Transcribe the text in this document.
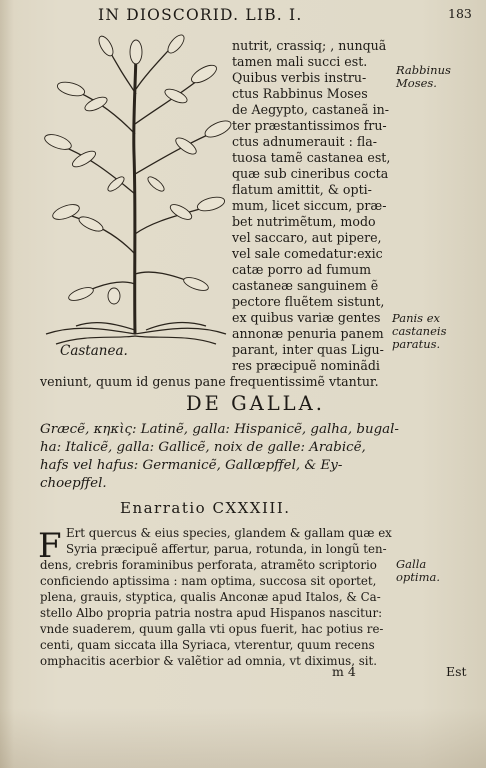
IN DIOSCORID. LIB. I.	183
Castanea.
nutrit, crassiq; , nunquã
tamen mali succi est.
Quibus verbis instru-
ctus Rabbinus Moses
de Aegypto, castaneã in-
ter præstantissimos fru-
ctus adnumerauit : fla-
tuosa tamẽ castanea est,
quæ sub cineribus cocta
flatum amittit, & opti-
mum, licet siccum, præ-
bet nutrimẽtum, modo
vel saccaro, aut pipere,
vel sale comedatur:exic
catæ porro ad fumum
castaneæ sanguinem ẽ
pectore fluẽtem sistunt,
ex quibus variæ gentes
annonæ penuria panem
parant, inter quas Ligu-
res præcipuẽ nominãdi
veniunt, quum id genus pane frequentissimẽ vtantur.
Rabbinus Moses.
Panis ex castaneis paratus.
Galla optima.
DE GALLA.
Græcẽ, κηκὶς: Latinẽ, galla: Hispanicẽ, galha, bugal-
ha: Italicẽ, galla: Gallicẽ, noix de galle: Arabicẽ,
hafs vel hafus: Germanicẽ, Gallœpffel, & Ey-
choepffel.
Enarratio CXXXIII.
F Ert quercus & eius species, glandem & gallam quæ ex
Syria præcipuẽ affertur, parua, rotunda, in longũ ten-
dens, crebris foraminibus perforata, atramẽto scriptorio
conficiendo aptissima : nam optima, succosa sit oportet,
plena, grauis, styptica, qualis Anconæ apud Italos, & Ca-
stello Albo propria patria nostra apud Hispanos nascitur:
vnde suaderem, quum galla vti opus fuerit, hac potius re-
centi, quam siccata illa Syriaca, vterentur, quum recens
omphacitis acerbior & valẽtior ad omnia, vt diximus, sit.
m 4	Est
